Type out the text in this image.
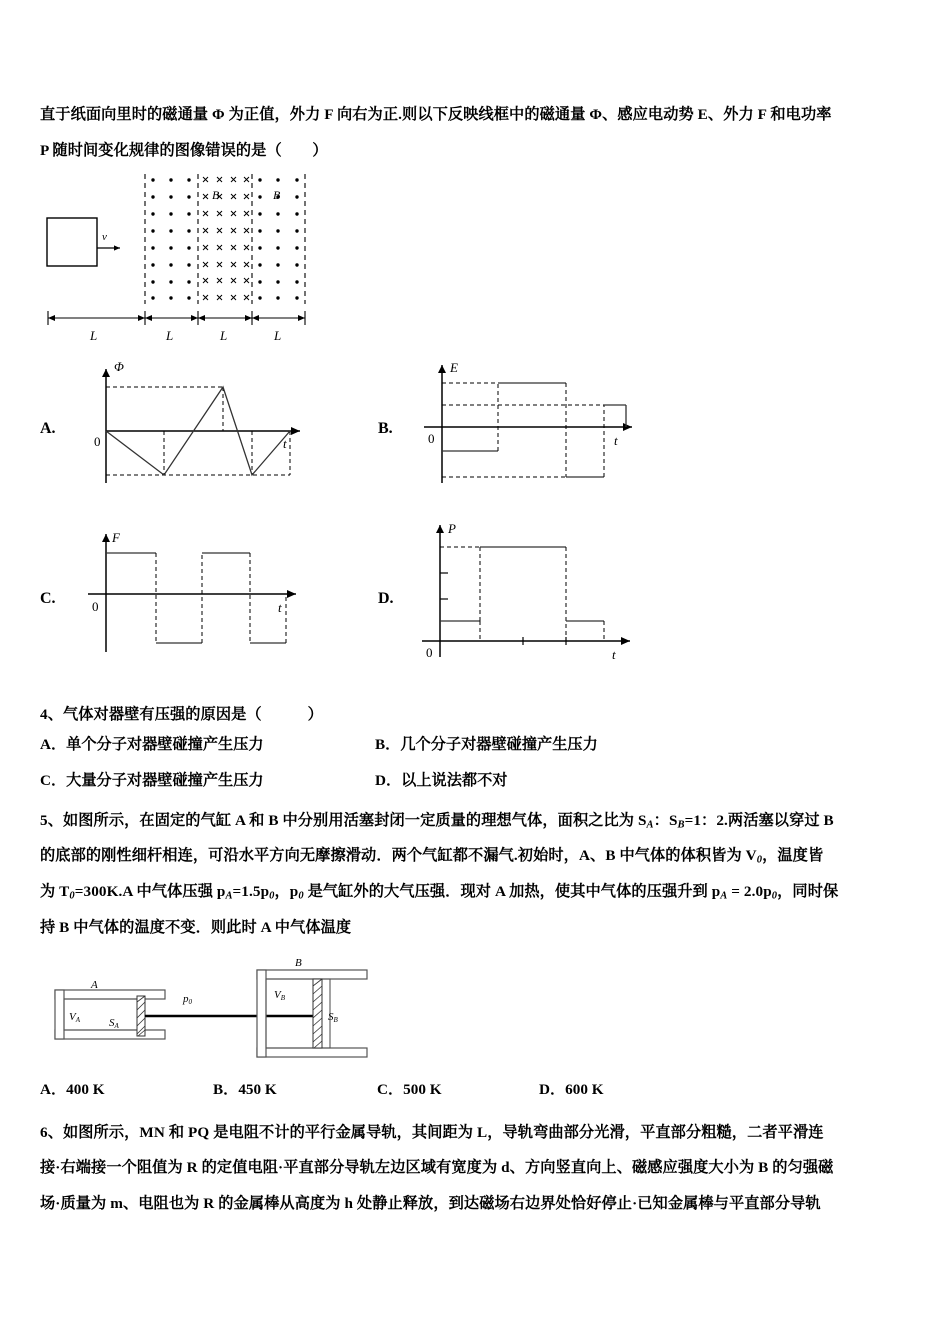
直于纸面向里时的磁通量 Φ 为正值，外力 F 向右为正.则以下反映线框中的磁通量 Φ、感应电动势 E、外力 F 和电功率
P 随时间变化规律的图像错误的是（　　）
v
B	B
L	L	L	L
A.
Φ
t
0
B.
E
t
0
C.
F
t
0	D.
P
t
0
4、气体对器壁有压强的原因是（　　　）
A．单个分子对器壁碰撞产生压力	B．几个分子对器壁碰撞产生压力
C．大量分子对器壁碰撞产生压力	D．以上说法都不对
5、如图所示，在固定的气缸 A 和 B 中分别用活塞封闭一定质量的理想气体，面积之比为 $S_A$：$S_B=1$：2.两活塞以穿过 B
的底部的刚性细杆相连，可沿水平方向无摩擦滑动．两个气缸都不漏气.初始时，A、B 中气体的体积皆为 $V_0$，温度皆
为 $T_0=300K.A$ 中气体压强 $p_A=1.5p_0$，$p_0$ 是气缸外的大气压强．现对 A 加热，使其中气体的压强升到 $p_A = 2.0p_0$，同时保
持 B 中气体的温度不变．则此时 A 中气体温度
A
VA	SA
p0
B
VB
SB
A．400 K	B．450 K	C．500 K	D．600 K
6、如图所示，MN 和 PQ 是电阻不计的平行金属导轨，其间距为 L，导轨弯曲部分光滑，平直部分粗糙，二者平滑连
接·右端接一个阻值为 R 的定值电阻·平直部分导轨左边区域有宽度为 d、方向竖直向上、磁感应强度大小为 B 的匀强磁
场·质量为 m、电阻也为 R 的金属棒从高度为 h 处静止释放，到达磁场右边界处恰好停止·已知金属棒与平直部分导轨
